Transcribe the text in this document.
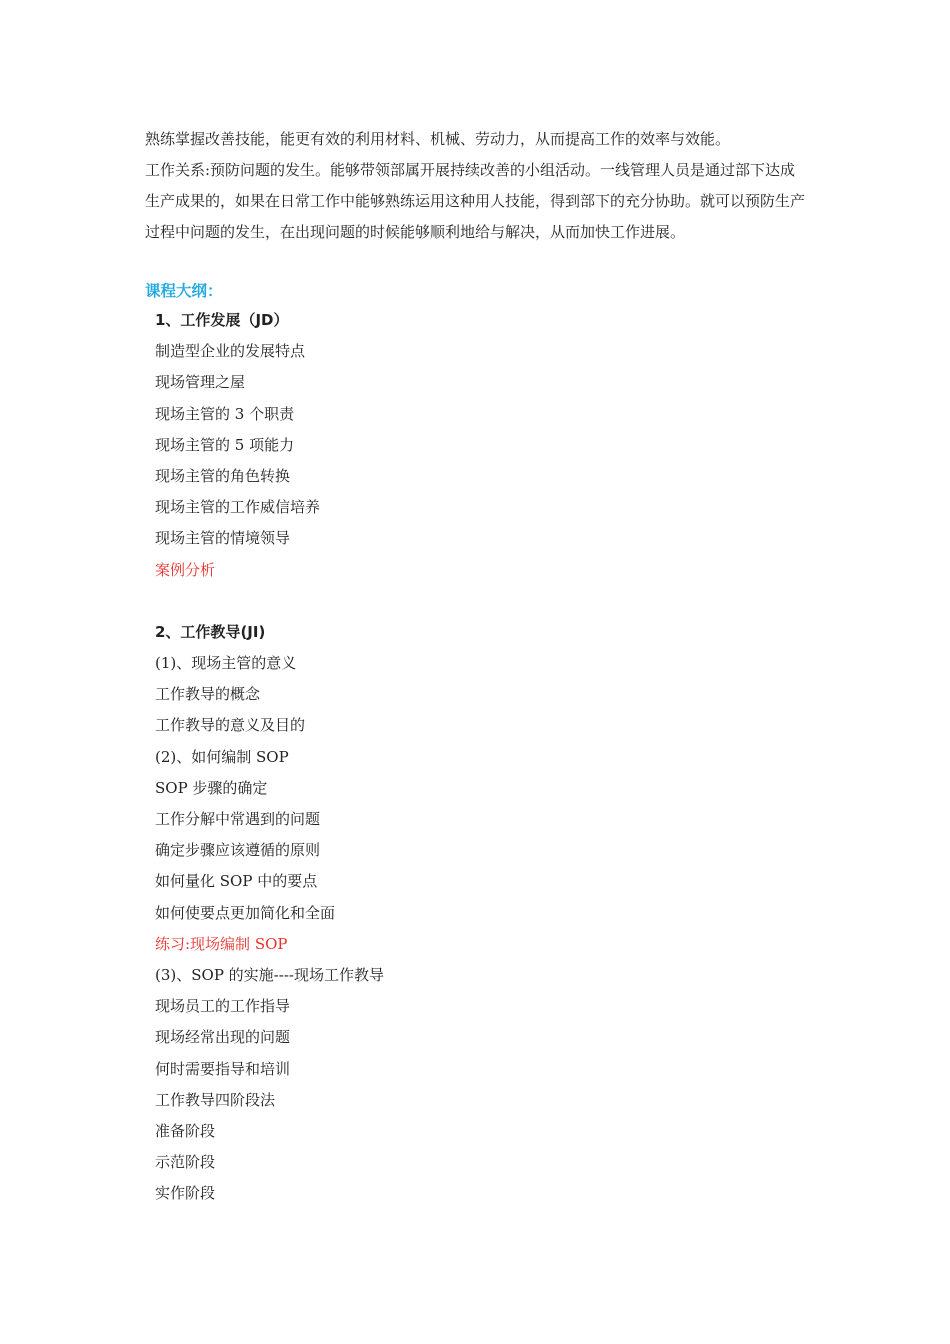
熟练掌握改善技能，能更有效的利用材料、机械、劳动力，从而提高工作的效率与效能。

工作关系:预防问题的发生。能够带领部属开展持续改善的小组活动。一线管理人员是通过部下达成生产成果的，如果在日常工作中能够熟练运用这种用人技能，得到部下的充分协助。就可以预防生产过程中问题的发生，在出现问题的时候能够顺利地给与解决，从而加快工作进展。

课程大纲：
1、工作发展（JD）
制造型企业的发展特点
现场管理之屋
现场主管的 3 个职责
现场主管的 5 项能力
现场主管的角色转换
现场主管的工作威信培养
现场主管的情境领导
案例分析
2、工作教导(JI)
(1)、现场主管的意义
工作教导的概念
工作教导的意义及目的
(2)、如何编制 SOP
SOP 步骤的确定
工作分解中常遇到的问题
确定步骤应该遵循的原则
如何量化 SOP 中的要点
如何使要点更加简化和全面
练习:现场编制 SOP
(3)、SOP 的实施----现场工作教导
现场员工的工作指导
现场经常出现的问题
何时需要指导和培训
工作教导四阶段法
准备阶段
示范阶段
实作阶段
